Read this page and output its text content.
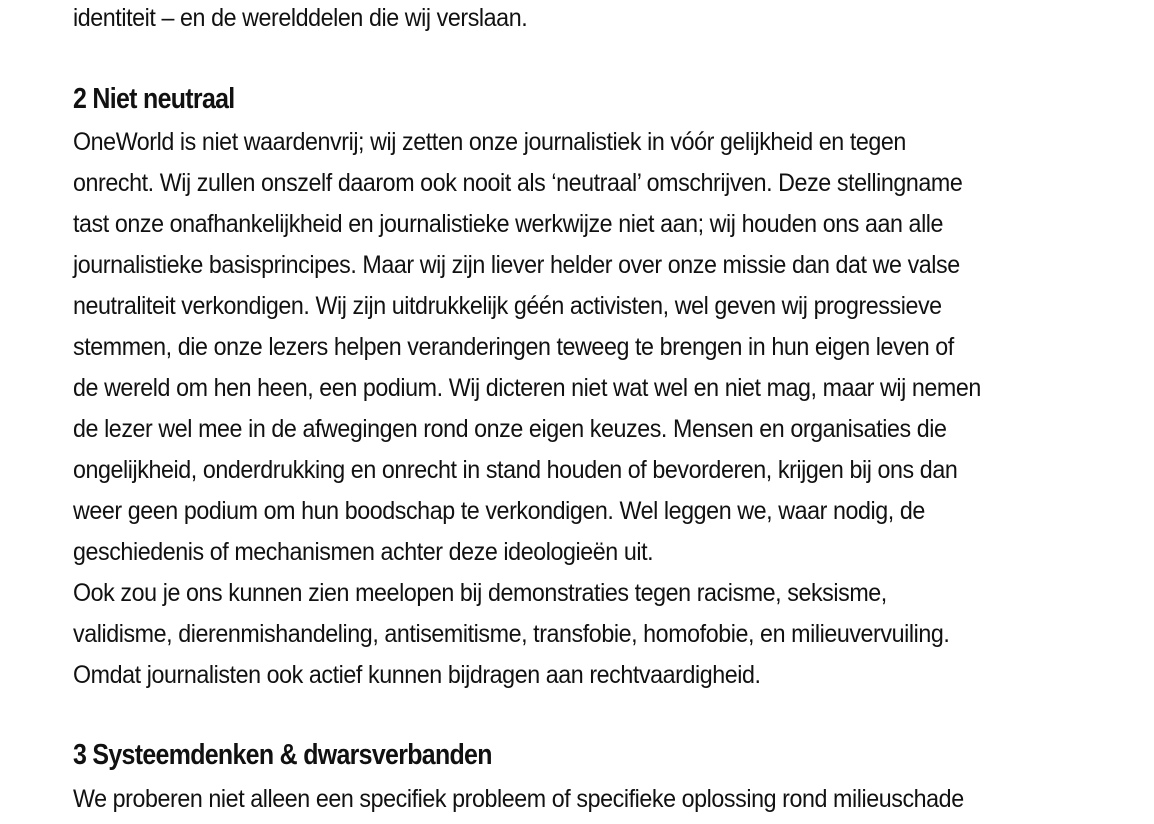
identiteit – en de werelddelen die wij verslaan.

2 Niet neutraal
OneWorld is niet waardenvrij; wij zetten onze journalistiek in vóór gelijkheid en tegen
onrecht. Wij zullen onszelf daarom ook nooit als ‘neutraal’ omschrijven. Deze stellingname
tast onze onafhankelijkheid en journalistieke werkwijze niet aan; wij houden ons aan alle
journalistieke basisprincipes. Maar wij zijn liever helder over onze missie dan dat we valse
neutraliteit verkondigen. Wij zijn uitdrukkelijk géén activisten, wel geven wij progressieve
stemmen, die onze lezers helpen veranderingen teweeg te brengen in hun eigen leven of
de wereld om hen heen, een podium. Wij dicteren niet wat wel en niet mag, maar wij nemen
de lezer wel mee in de afwegingen rond onze eigen keuzes. Mensen en organisaties die
ongelijkheid, onderdrukking en onrecht in stand houden of bevorderen, krijgen bij ons dan
weer geen podium om hun boodschap te verkondigen. Wel leggen we, waar nodig, de
geschiedenis of mechanismen achter deze ideologieën uit.
Ook zou je ons kunnen zien meelopen bij demonstraties tegen racisme, seksisme,
validisme, dierenmishandeling, antisemitisme, transfobie, homofobie, en milieuvervuiling.
Omdat journalisten ook actief kunnen bijdragen aan rechtvaardigheid.
3 Systeemdenken & dwarsverbanden
We proberen niet alleen een specifiek probleem of specifieke oplossing rond milieuschade
